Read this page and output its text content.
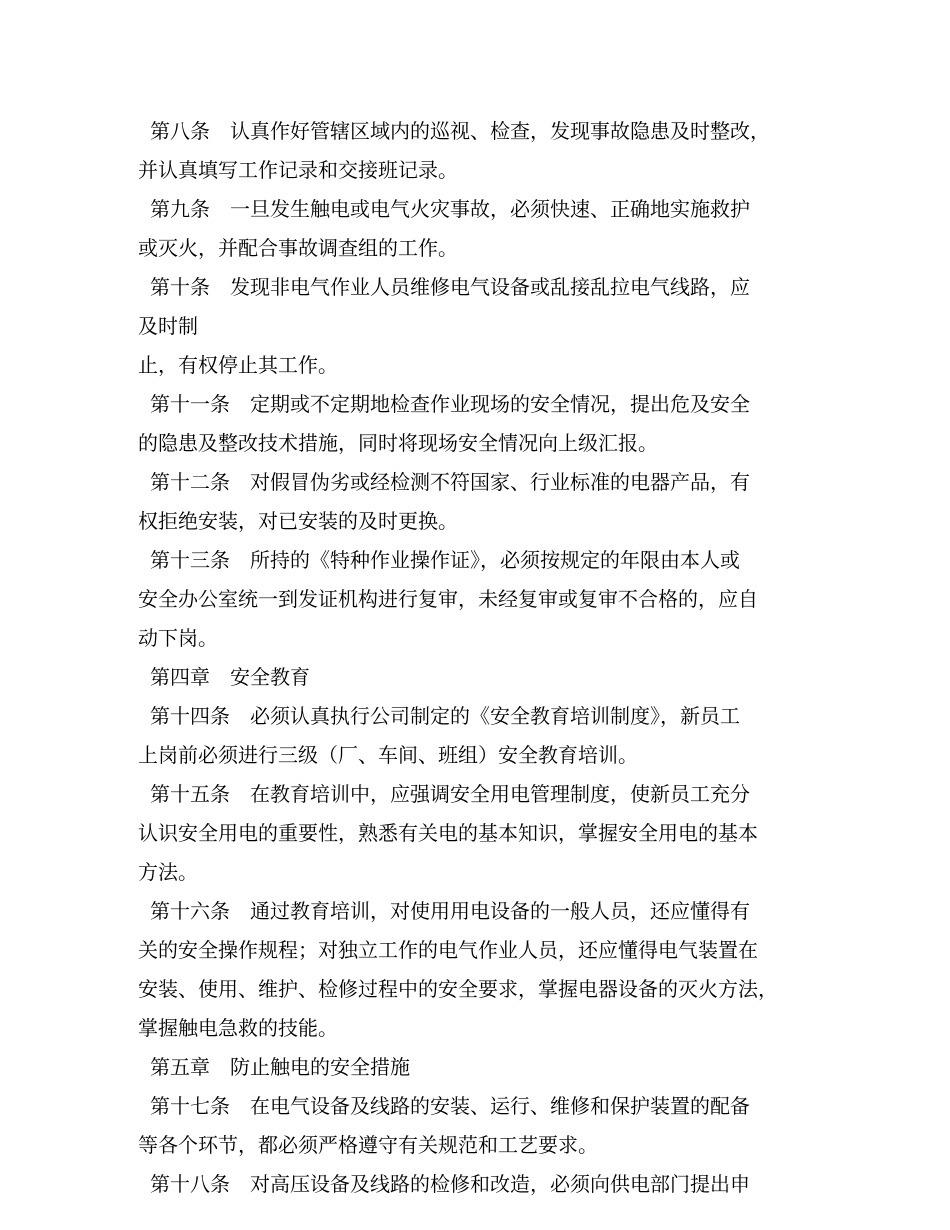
第八条　认真作好管辖区域内的巡视、检查，发现事故隐患及时整改，
并认真填写工作记录和交接班记录。
第九条　一旦发生触电或电气火灾事故，必须快速、正确地实施救护
或灭火，并配合事故调查组的工作。
第十条　发现非电气作业人员维修电气设备或乱接乱拉电气线路，应
及时制
止，有权停止其工作。
第十一条　定期或不定期地检查作业现场的安全情况，提出危及安全
的隐患及整改技术措施，同时将现场安全情况向上级汇报。
第十二条　对假冒伪劣或经检测不符国家、行业标准的电器产品，有
权拒绝安装，对已安装的及时更换。
第十三条　所持的《特种作业操作证》，必须按规定的年限由本人或
安全办公室统一到发证机构进行复审，未经复审或复审不合格的，应自
动下岗。
第四章　安全教育
第十四条　必须认真执行公司制定的《安全教育培训制度》，新员工
上岗前必须进行三级（厂、车间、班组）安全教育培训。
第十五条　在教育培训中，应强调安全用电管理制度，使新员工充分
认识安全用电的重要性，熟悉有关电的基本知识，掌握安全用电的基本
方法。
第十六条　通过教育培训，对使用用电设备的一般人员，还应懂得有
关的安全操作规程；对独立工作的电气作业人员，还应懂得电气装置在
安装、使用、维护、检修过程中的安全要求，掌握电器设备的灭火方法，
掌握触电急救的技能。
第五章　防止触电的安全措施
第十七条　在电气设备及线路的安装、运行、维修和保护装置的配备
等各个环节，都必须严格遵守有关规范和工艺要求。
第十八条　对高压设备及线路的检修和改造，必须向供电部门提出申
